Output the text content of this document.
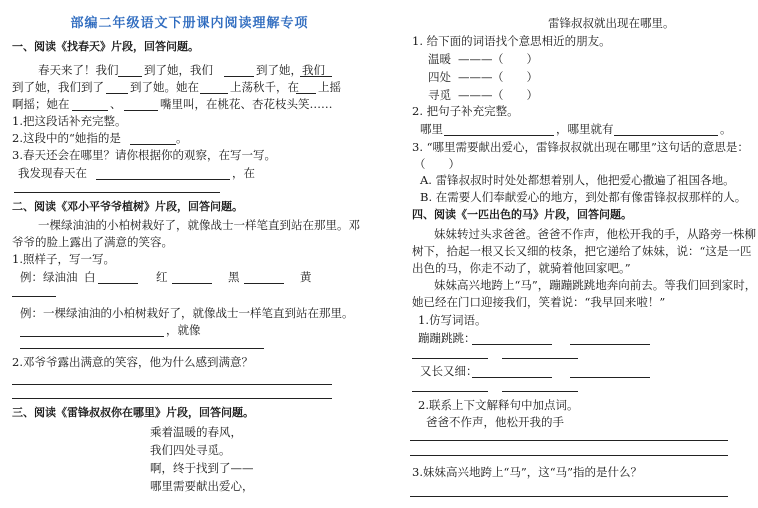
部编二年级语文下册课内阅读理解专项
一、阅读《找春天》片段，回答问题。
春天来了！我们 到了她，我们	到了她，我们
到了她，我们到了 到了她。她在	上荡秋千，在 上摇
啊摇；她在	、	嘴里叫，在桃花、杏花枝头笑……
1.把这段话补充完整。
2.这段中的“她指的是	。
3.春天还会在哪里？请你根据你的观察，在写一写。
我发现春天在	，在
二、阅读《邓小平爷爷植树》片段，回答问题。
一棵绿油油的小柏树栽好了，就像战士一样笔直到站在那里。邓
爷爷的脸上露出了满意的笑容。
1.照样子，写一写。
例：绿油油 白	红	黑	黄
例：一棵绿油油的小柏树栽好了，就像战士一样笔直到站在那里。
，就像
2.邓爷爷露出满意的笑容，他为什么感到满意？
三、阅读《雷锋叔叔你在哪里》片段，回答问题。
乘着温暖的春风，
我们四处寻觅。
啊，终于找到了——
哪里需要献出爱心，
雷锋叔叔就出现在哪里。
1. 给下面的词语找个意思相近的朋友。
温暖 ——— （　　）
四处 ——— （　　）
寻觅 ——— （　　）
2. 把句子补充完整。
哪里	，哪里就有	。
3. “哪里需要献出爱心，雷锋叔叔就出现在哪里”这句话的意思是：
（　　）
A. 雷锋叔叔时时处处都想着别人，他把爱心撒遍了祖国各地。
B. 在需要人们奉献爱心的地方，到处都有像雷锋叔叔那样的人。
四、阅读《一匹出色的马》片段，回答问题。
妹妹转过头求爸爸。爸爸不作声，他松开我的手，从路旁一株柳
树下，拾起一根又长又细的枝条，把它递给了妹妹，说：“这是一匹
出色的马，你走不动了，就骑着他回家吧。”
妹妹高兴地跨上“马”，蹦蹦跳跳地奔向前去。等我们回到家时，
她已经在门口迎接我们，笑着说：“我早回来啦！”
1.仿写词语。
蹦蹦跳跳：
又长又细：
2.联系上下文解释句中加点词。
爸爸不作声，他松开我的手
3.妹妹高兴地跨上“马”，这“马”指的是什么？
